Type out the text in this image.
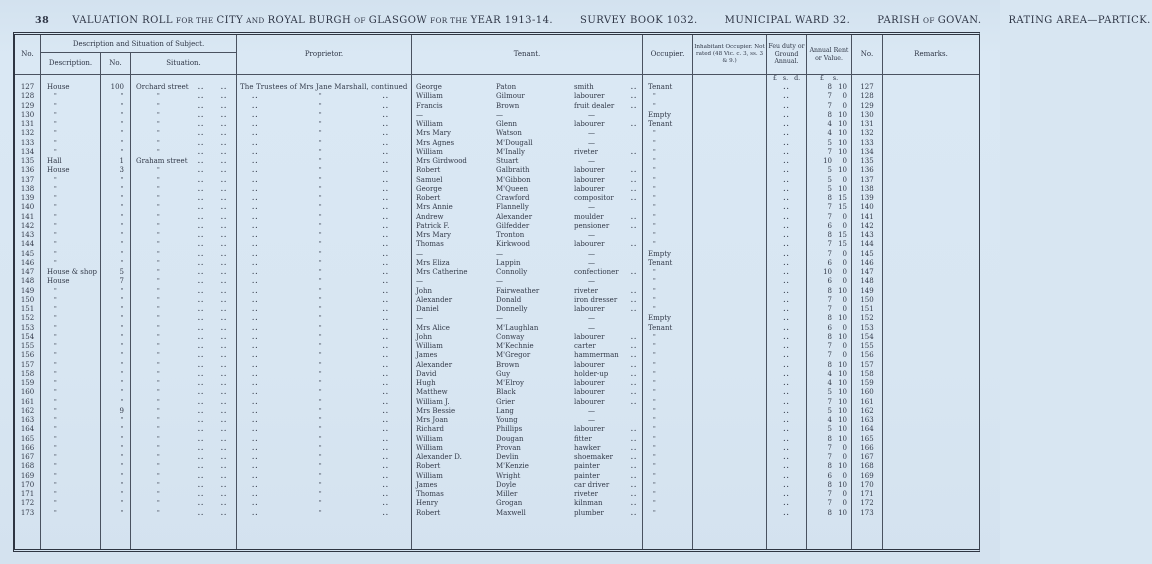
38 VALUATION ROLL FOR THE CITY AND ROYAL BURGH OF GLASGOW FOR THE YEAR 1913-14.	SURVEY BOOK 1032.	MUNICIPAL WARD 32.	PARISH OF GOVAN.	RATING AREA—PARTICK.
No.
Description and Situation of Subject.
Description.	No.	Situation.
Proprietor.	Tenant.	Occupier.
Inhabitant Occupier. Not rated (48 Vic. c. 3, ss. 3 & 9.)
Feu duty or Ground Annual.
Annual Rent or Value.	No.	Remarks.
£ s. d.	£ s.
127	House	100	Orchard street	..	..	The Trustees of Mrs Jane Marshall, continued	George	Paton	smith	..	Tenant	..	8 10	127
128	"	"	"	..	..	..	"	..	William	Gilmour	labourer	..	"	..	7	0	128
129	"	"	"	..	..	..	"	..	Francis	Brown	fruit dealer	..	"	..	7	0	129
130	"	"	"	..	..	..	"	..	—	—	—	Empty	..	8 10	130
131	"	"	"	..	..	..	"	..	William	Glenn	labourer	..	Tenant	..	4 10	131
132	"	"	"	..	..	..	"	..	Mrs Mary	Watson	—	"	..	4 10	132
133	"	"	"	..	..	..	"	..	Mrs Agnes	M'Dougall	—	"	..	5 10	133
134	"	"	"	..	..	..	"	..	William	M'Inally	riveter	..	"	..	7 10	134
135	Hall	1	Graham street	..	..	..	"	..	Mrs Girdwood	Stuart	—	"	..	10	0	135
136	House	3	"	..	..	..	"	..	Robert	Galbraith	labourer	..	"	..	5 10	136
137	"	"	"	..	..	..	"	..	Samuel	M'Gibbon	labourer	..	"	..	5	0	137
138	"	"	"	..	..	..	"	..	George	M'Queen	labourer	..	"	..	5 10	138
139	"	"	"	..	..	..	"	..	Robert	Crawford	compositor	..	"	..	8 15	139
140	"	"	"	..	..	..	"	..	Mrs Annie	Flannelly	—	"	..	7 15	140
141	"	"	"	..	..	..	"	..	Andrew	Alexander	moulder	..	"	..	7	0	141
142	"	"	"	..	..	..	"	..	Patrick F.	Gilfedder	pensioner	..	"	..	6	0	142
143	"	"	"	..	..	..	"	..	Mrs Mary	Tronton	—	"	..	8 15	143
144	"	"	"	..	..	..	"	..	Thomas	Kirkwood	labourer	..	"	..	7 15	144
145	"	"	"	..	..	..	"	..	—	—	—	Empty	..	7	0	145
146	"	"	"	..	..	..	"	..	Mrs Eliza	Lappin	—	Tenant	..	6	0	146
147	House & shop	5	"	..	..	..	"	..	Mrs Catherine	Connolly	confectioner	..	"	..	10	0	147
148	House	7	"	..	..	..	"	..	—	—	—	"	..	6	0	148
149	"	"	"	..	..	..	"	..	John	Fairweather	riveter	..	"	..	8 10	149
150	"	"	"	..	..	..	"	..	Alexander	Donald	iron dresser	..	"	..	7	0	150
151	"	"	"	..	..	..	"	..	Daniel	Donnelly	labourer	..	"	..	7	0	151
152	"	"	"	..	..	..	"	..	—	—	—	Empty	..	8 10	152
153	"	"	"	..	..	..	"	..	Mrs Alice	M'Laughlan	—	Tenant	..	6	0	153
154	"	"	"	..	..	..	"	..	John	Conway	labourer	..	"	..	8 10	154
155	"	"	"	..	..	..	"	..	William	M'Kechnie	carter	..	"	..	7	0	155
156	"	"	"	..	..	..	"	..	James	M'Gregor	hammerman	..	"	..	7	0	156
157	"	"	"	..	..	..	"	..	Alexander	Brown	labourer	..	"	..	8 10	157
158	"	"	"	..	..	..	"	..	David	Guy	holder-up	..	"	..	4 10	158
159	"	"	"	..	..	..	"	..	Hugh	M'Elroy	labourer	..	"	..	4 10	159
160	"	"	"	..	..	..	"	..	Matthew	Black	labourer	..	"	..	5 10	160
161	"	"	"	..	..	..	"	..	William J.	Grier	labourer	..	"	..	7 10	161
162	"	9	"	..	..	..	"	..	Mrs Bessie	Lang	—	"	..	5 10	162
163	"	"	"	..	..	..	"	..	Mrs Joan	Young	—	"	..	4 10	163
164	"	"	"	..	..	..	"	..	Richard	Phillips	labourer	..	"	..	5 10	164
165	"	"	"	..	..	..	"	..	William	Dougan	fitter	..	"	..	8 10	165
166	"	"	"	..	..	..	"	..	William	Provan	hawker	..	"	..	7	0	166
167	"	"	"	..	..	..	"	..	Alexander D.	Devlin	shoemaker	..	"	..	7	0	167
168	"	"	"	..	..	..	"	..	Robert	M'Kenzie	painter	..	"	..	8 10	168
169	"	"	"	..	..	..	"	..	William	Wright	painter	..	"	..	6	0	169
170	"	"	"	..	..	..	"	..	James	Doyle	car driver	..	"	..	8 10	170
171	"	"	"	..	..	..	"	..	Thomas	Miller	riveter	..	"	..	7	0	171
172	"	"	"	..	..	..	"	..	Henry	Grogan	kilnman	..	"	..	7	0	172
173	"	"	"	..	..	..	"	..	Robert	Maxwell	plumber	..	"	..	8 10	173
